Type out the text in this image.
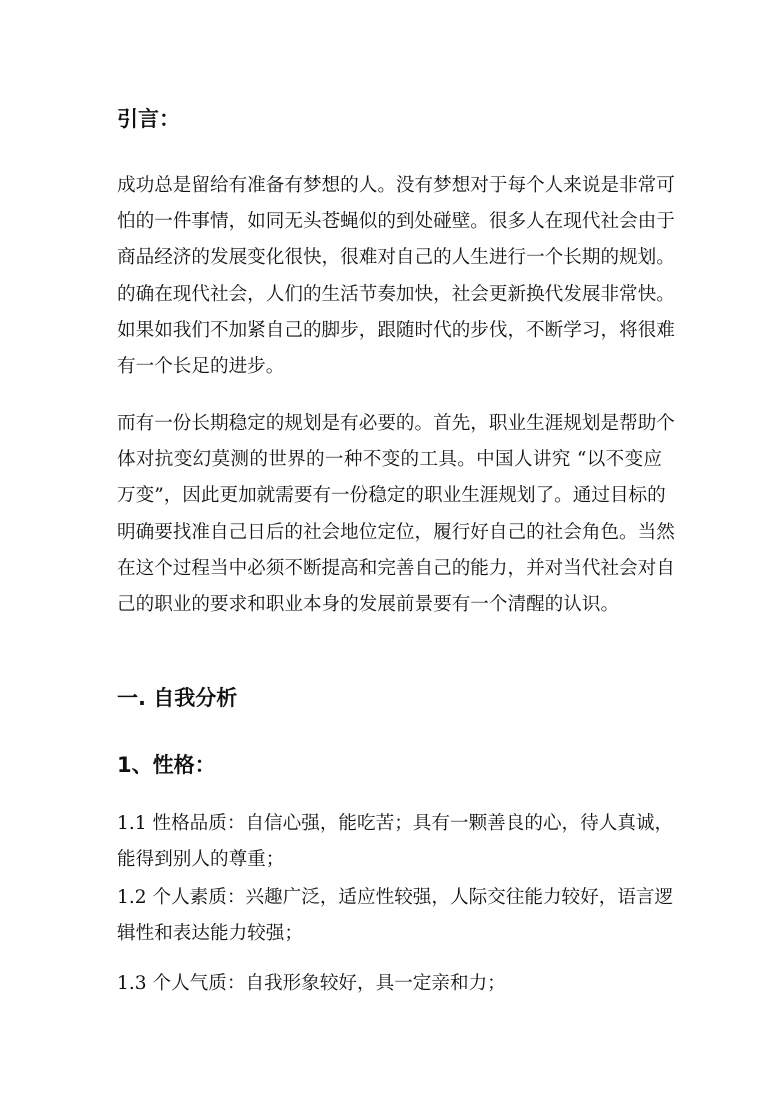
引言：

成功总是留给有准备有梦想的人。没有梦想对于每个人来说是非常可
怕的一件事情，如同无头苍蝇似的到处碰壁。很多人在现代社会由于
商品经济的发展变化很快，很难对自己的人生进行一个长期的规划。
的确在现代社会，人们的生活节奏加快，社会更新换代发展非常快。
如果如我们不加紧自己的脚步，跟随时代的步伐，不断学习，将很难
有一个长足的进步。

而有一份长期稳定的规划是有必要的。首先，职业生涯规划是帮助个
体对抗变幻莫测的世界的一种不变的工具。中国人讲究 “以不变应
万变”，因此更加就需要有一份稳定的职业生涯规划了。通过目标的
明确要找准自己日后的社会地位定位，履行好自己的社会角色。当然
在这个过程当中必须不断提高和完善自己的能力，并对当代社会对自
己的职业的要求和职业本身的发展前景要有一个清醒的认识。

一. 自我分析
1、性格：

1.1 性格品质：自信心强，能吃苦；具有一颗善良的心，待人真诚，
能得到别人的尊重；

1.2 个人素质：兴趣广泛，适应性较强，人际交往能力较好，语言逻
辑性和表达能力较强；

1.3 个人气质：自我形象较好，具一定亲和力；
